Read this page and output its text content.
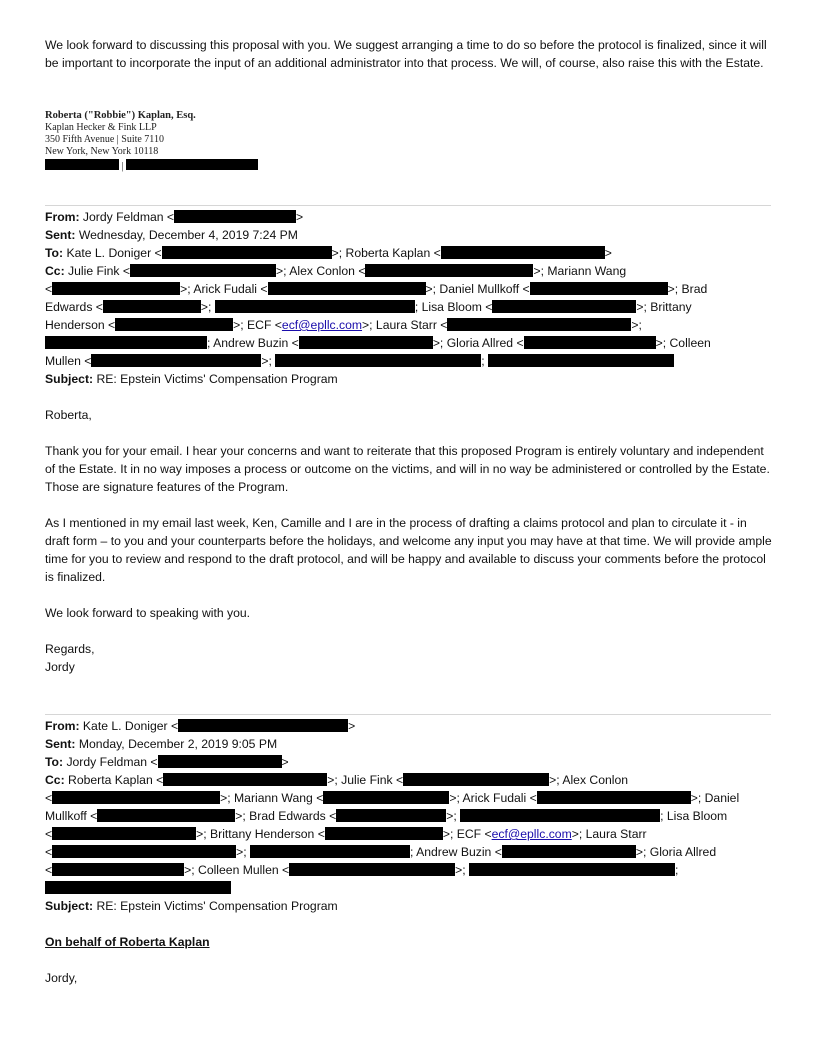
We look forward to discussing this proposal with you. We suggest arranging a time to do so before the protocol is finalized, since it will be important to incorporate the input of an additional administrator into that process. We will, of course, also raise this with the Estate.
Roberta ("Robbie") Kaplan, Esq.
Kaplan Hecker & Fink LLP
350 Fifth Avenue | Suite 7110
New York, New York 10118
|
From: Jordy Feldman <	>
Sent: Wednesday, December 4, 2019 7:24 PM
To: Kate L. Doniger <	>; Roberta Kaplan <	>
Cc: Julie Fink <	>; Alex Conlon <	>; Mariann Wang
<	>; Arick Fudali <	>; Daniel Mullkoff <	>; Brad
Edwards <	>;	; Lisa Bloom <	>; Brittany
Henderson <	>; ECF <ecf@epllc.com>; Laura Starr <	>;
; Andrew Buzin <	>; Gloria Allred <	>; Colleen
Mullen <	>;	;
Subject: RE: Epstein Victims' Compensation Program
Roberta,
Thank you for your email. I hear your concerns and want to reiterate that this proposed Program is entirely voluntary and independent of the Estate. It in no way imposes a process or outcome on the victims, and will in no way be administered or controlled by the Estate. Those are signature features of the Program.
As I mentioned in my email last week, Ken, Camille and I are in the process of drafting a claims protocol and plan to circulate it - in draft form – to you and your counterparts before the holidays, and welcome any input you may have at that time. We will provide ample time for you to review and respond to the draft protocol, and will be happy and available to discuss your comments before the protocol is finalized.
We look forward to speaking with you.
Regards,
Jordy
From: Kate L. Doniger <	>
Sent: Monday, December 2, 2019 9:05 PM
To: Jordy Feldman <	>
Cc: Roberta Kaplan <	>; Julie Fink <	>; Alex Conlon
<	>; Mariann Wang <	>; Arick Fudali <	>; Daniel
Mullkoff <	>; Brad Edwards <	>;	; Lisa Bloom
<	>; Brittany Henderson <	>; ECF <ecf@epllc.com>; Laura Starr
<	>;	; Andrew Buzin <	>; Gloria Allred
<	>; Colleen Mullen <	>;	;
Subject: RE: Epstein Victims' Compensation Program
On behalf of Roberta Kaplan
Jordy,
